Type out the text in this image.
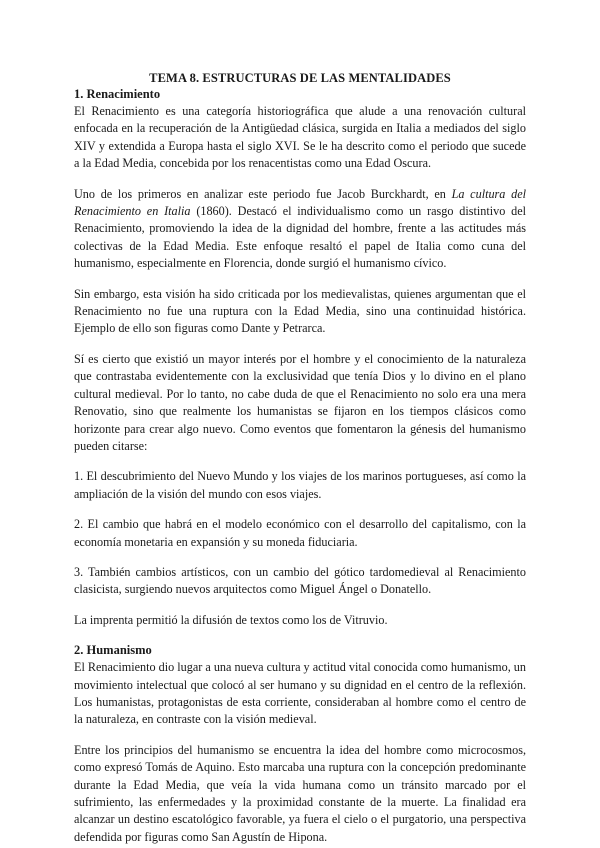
TEMA 8. ESTRUCTURAS DE LAS MENTALIDADES
1. Renacimiento

El Renacimiento es una categoría historiográfica que alude a una renovación cultural enfocada en la recuperación de la Antigüedad clásica, surgida en Italia a mediados del siglo XIV y extendida a Europa hasta el siglo XVI. Se le ha descrito como el periodo que sucede a la Edad Media, concebida por los renacentistas como una Edad Oscura.

Uno de los primeros en analizar este periodo fue Jacob Burckhardt, en La cultura del Renacimiento en Italia (1860). Destacó el individualismo como un rasgo distintivo del Renacimiento, promoviendo la idea de la dignidad del hombre, frente a las actitudes más colectivas de la Edad Media. Este enfoque resaltó el papel de Italia como cuna del humanismo, especialmente en Florencia, donde surgió el humanismo cívico.

Sin embargo, esta visión ha sido criticada por los medievalistas, quienes argumentan que el Renacimiento no fue una ruptura con la Edad Media, sino una continuidad histórica. Ejemplo de ello son figuras como Dante y Petrarca.

Sí es cierto que existió un mayor interés por el hombre y el conocimiento de la naturaleza que contrastaba evidentemente con la exclusividad que tenía Dios y lo divino en el plano cultural medieval. Por lo tanto, no cabe duda de que el Renacimiento no solo era una mera Renovatio, sino que realmente los humanistas se fijaron en los tiempos clásicos como horizonte para crear algo nuevo. Como eventos que fomentaron la génesis del humanismo pueden citarse:

1. El descubrimiento del Nuevo Mundo y los viajes de los marinos portugueses, así como la ampliación de la visión del mundo con esos viajes.

2. El cambio que habrá en el modelo económico con el desarrollo del capitalismo, con la economía monetaria en expansión y su moneda fiduciaria.

3. También cambios artísticos, con un cambio del gótico tardomedieval al Renacimiento clasicista, surgiendo nuevos arquitectos como Miguel Ángel o Donatello.

La imprenta permitió la difusión de textos como los de Vitruvio.

2. Humanismo

El Renacimiento dio lugar a una nueva cultura y actitud vital conocida como humanismo, un movimiento intelectual que colocó al ser humano y su dignidad en el centro de la reflexión. Los humanistas, protagonistas de esta corriente, consideraban al hombre como el centro de la naturaleza, en contraste con la visión medieval.

Entre los principios del humanismo se encuentra la idea del hombre como microcosmos, como expresó Tomás de Aquino. Esto marcaba una ruptura con la concepción predominante durante la Edad Media, que veía la vida humana como un tránsito marcado por el sufrimiento, las enfermedades y la proximidad constante de la muerte. La finalidad era alcanzar un destino escatológico favorable, ya fuera el cielo o el purgatorio, una perspectiva defendida por figuras como San Agustín de Hipona.
